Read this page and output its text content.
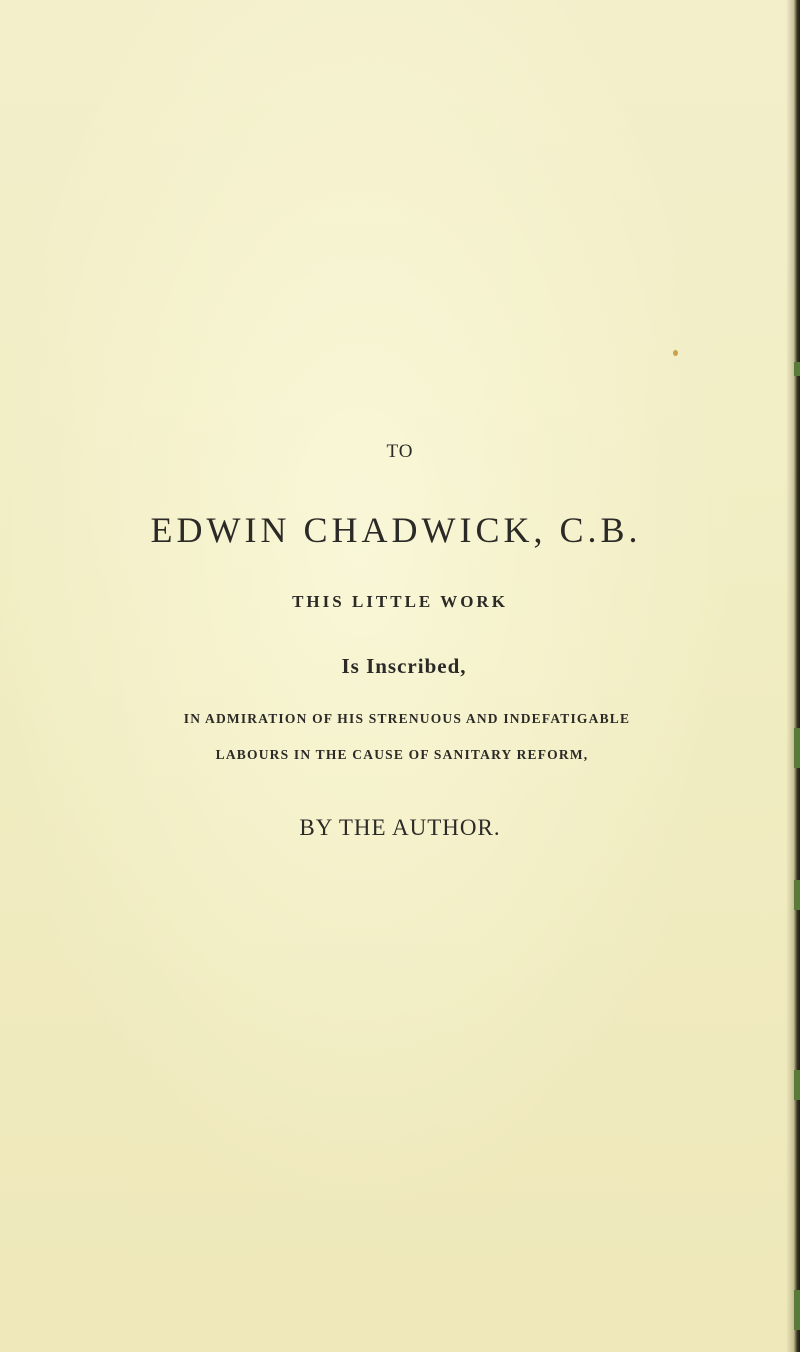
TO
EDWIN CHADWICK, C.B.
THIS LITTLE WORK
Is Inscribed,
IN ADMIRATION OF HIS STRENUOUS AND INDEFATIGABLE
LABOURS IN THE CAUSE OF SANITARY REFORM,
BY THE AUTHOR.
